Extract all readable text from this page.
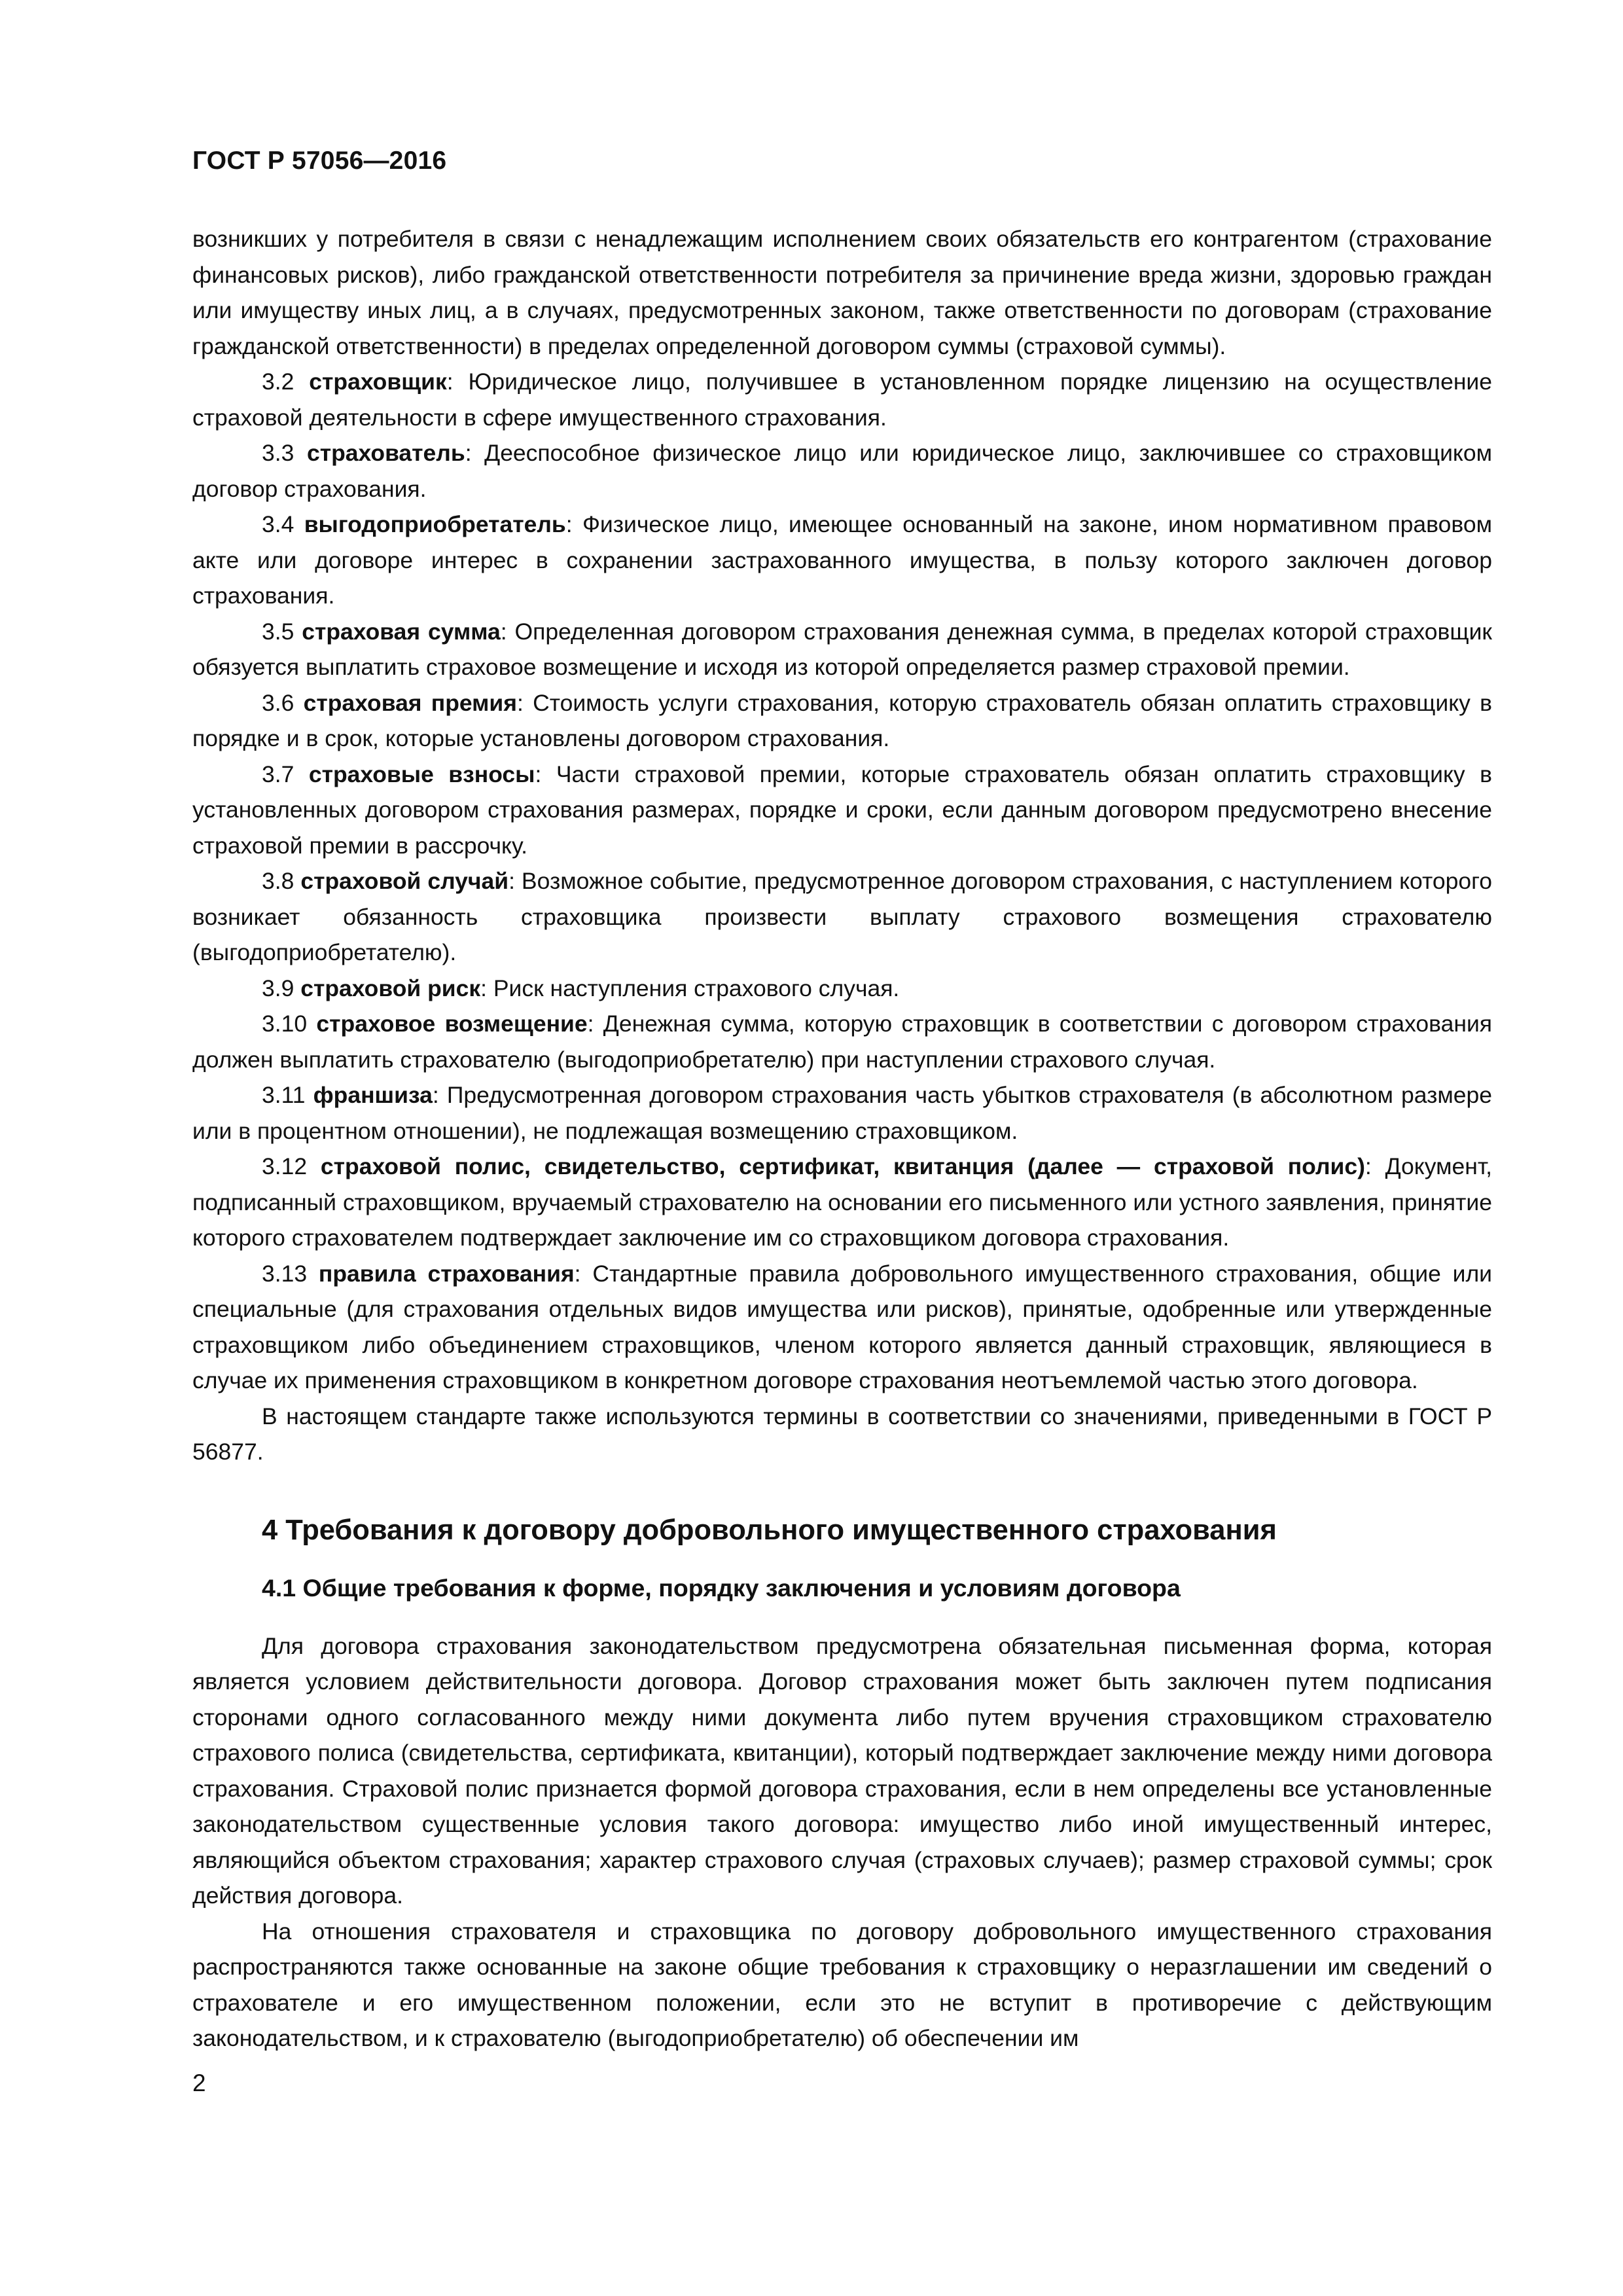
ГОСТ Р 57056—2016

возникших у потребителя в связи с ненадлежащим исполнением своих обязательств его контрагентом (страхование финансовых рисков), либо гражданской ответственности потребителя за причинение вреда жизни, здоровью граждан или имуществу иных лиц, а в случаях, предусмотренных законом, также ответственности по договорам (страхование гражданской ответственности) в пределах определенной договором суммы (страховой суммы).

3.2 страховщик: Юридическое лицо, получившее в установленном порядке лицензию на осуществление страховой деятельности в сфере имущественного страхования.

3.3 страхователь: Дееспособное физическое лицо или юридическое лицо, заключившее со страховщиком договор страхования.

3.4 выгодоприобретатель: Физическое лицо, имеющее основанный на законе, ином нормативном правовом акте или договоре интерес в сохранении застрахованного имущества, в пользу которого заключен договор страхования.

3.5 страховая сумма: Определенная договором страхования денежная сумма, в пределах которой страховщик обязуется выплатить страховое возмещение и исходя из которой определяется размер страховой премии.

3.6 страховая премия: Стоимость услуги страхования, которую страхователь обязан оплатить страховщику в порядке и в срок, которые установлены договором страхования.

3.7 страховые взносы: Части страховой премии, которые страхователь обязан оплатить страховщику в установленных договором страхования размерах, порядке и сроки, если данным договором предусмотрено внесение страховой премии в рассрочку.

3.8 страховой случай: Возможное событие, предусмотренное договором страхования, с наступлением которого возникает обязанность страховщика произвести выплату страхового возмещения страхователю (выгодоприобретателю).

3.9 страховой риск: Риск наступления страхового случая.

3.10 страховое возмещение: Денежная сумма, которую страховщик в соответствии с договором страхования должен выплатить страхователю (выгодоприобретателю) при наступлении страхового случая.

3.11 франшиза: Предусмотренная договором страхования часть убытков страхователя (в абсолютном размере или в процентном отношении), не подлежащая возмещению страховщиком.

3.12 страховой полис, свидетельство, сертификат, квитанция (далее — страховой полис): Документ, подписанный страховщиком, вручаемый страхователю на основании его письменного или устного заявления, принятие которого страхователем подтверждает заключение им со страховщиком договора страхования.

3.13 правила страхования: Стандартные правила добровольного имущественного страхования, общие или специальные (для страхования отдельных видов имущества или рисков), принятые, одобренные или утвержденные страховщиком либо объединением страховщиков, членом которого является данный страховщик, являющиеся в случае их применения страховщиком в конкретном договоре страхования неотъемлемой частью этого договора.

В настоящем стандарте также используются термины в соответствии со значениями, приведенными в ГОСТ Р 56877.

4 Требования к договору добровольного имущественного страхования
4.1 Общие требования к форме, порядку заключения и условиям договора

Для договора страхования законодательством предусмотрена обязательная письменная форма, которая является условием действительности договора. Договор страхования может быть заключен путем подписания сторонами одного согласованного между ними документа либо путем вручения страховщиком страхователю страхового полиса (свидетельства, сертификата, квитанции), который подтверждает заключение между ними договора страхования. Страховой полис признается формой договора страхования, если в нем определены все установленные законодательством существенные условия такого договора: имущество либо иной имущественный интерес, являющийся объектом страхования; характер страхового случая (страховых случаев); размер страховой суммы; срок действия договора.

На отношения страхователя и страховщика по договору добровольного имущественного страхования распространяются также основанные на законе общие требования к страховщику о неразглашении им сведений о страхователе и его имущественном положении, если это не вступит в противоречие с действующим законодательством, и к страхователю (выгодоприобретателю) об обеспечении им

2
